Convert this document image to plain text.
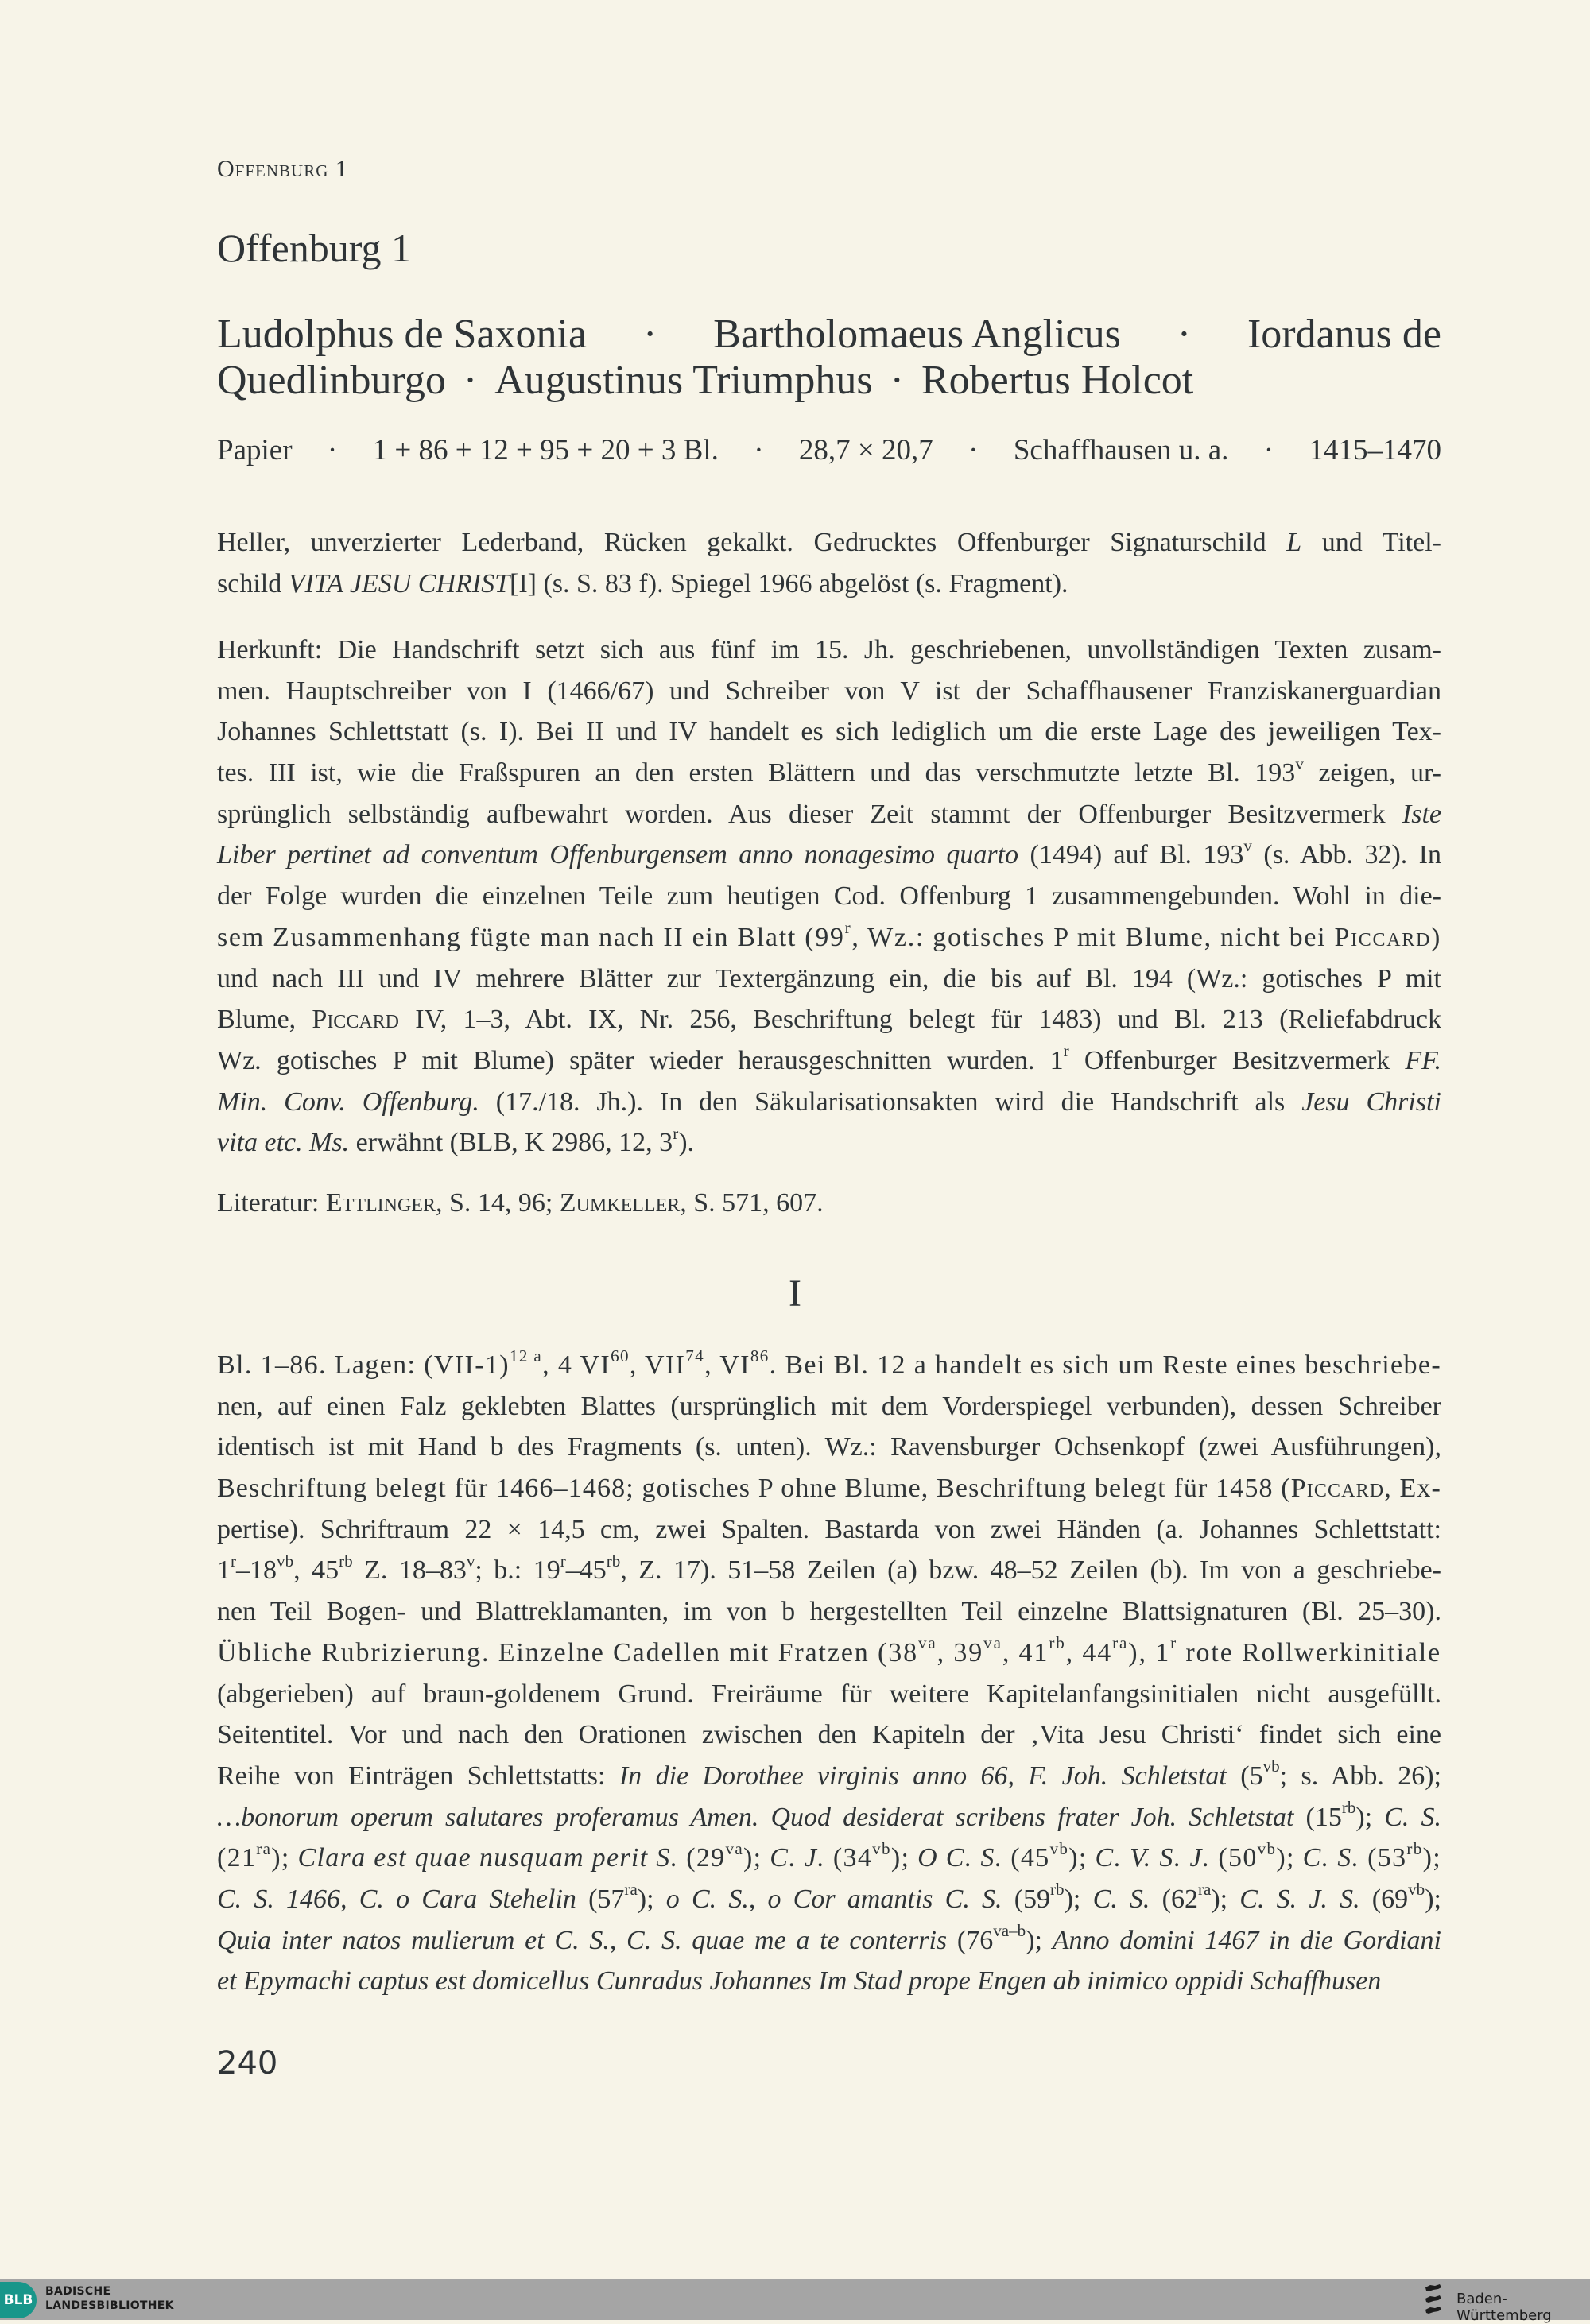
Offenburg 1
Offenburg 1
Ludolphus de Saxonia · Bartholomaeus Anglicus · Iordanus de
Quedlinburgo · Augustinus Triumphus · Robertus Holcot
Papier · 1 + 86 + 12 + 95 + 20 + 3 Bl. · 28,7 × 20,7 · Schaffhausen u. a. · 1415–1470
Heller, unverzierter Lederband, Rücken gekalkt. Gedrucktes Offenburger Signaturschild L und Titel-
schild VITA JESU CHRIST[I] (s. S. 83 f). Spiegel 1966 abgelöst (s. Fragment).
Herkunft: Die Handschrift setzt sich aus fünf im 15. Jh. geschriebenen, unvollständigen Texten zusam-
men. Hauptschreiber von I (1466/67) und Schreiber von V ist der Schaffhausener Franziskanerguardian
Johannes Schlettstatt (s. I). Bei II und IV handelt es sich lediglich um die erste Lage des jeweiligen Tex-
tes. III ist, wie die Fraßspuren an den ersten Blättern und das verschmutzte letzte Bl. 193$^v$ zeigen, ur-
sprünglich selbständig aufbewahrt worden. Aus dieser Zeit stammt der Offenburger Besitzvermerk Iste
Liber pertinet ad conventum Offenburgensem anno nonagesimo quarto (1494) auf Bl. 193$^v$ (s. Abb. 32). In
der Folge wurden die einzelnen Teile zum heutigen Cod. Offenburg 1 zusammengebunden. Wohl in die-
sem Zusammenhang fügte man nach II ein Blatt (99$^r$, Wz.: gotisches P mit Blume, nicht bei Piccard)
und nach III und IV mehrere Blätter zur Textergänzung ein, die bis auf Bl. 194 (Wz.: gotisches P mit
Blume, Piccard IV, 1–3, Abt. IX, Nr. 256, Beschriftung belegt für 1483) und Bl. 213 (Reliefabdruck
Wz. gotisches P mit Blume) später wieder herausgeschnitten wurden. 1$^r$ Offenburger Besitzvermerk FF.
Min. Conv. Offenburg. (17./18. Jh.). In den Säkularisationsakten wird die Handschrift als Jesu Christi
vita etc. Ms. erwähnt (BLB, K 2986, 12, 3$^r$).
Literatur: Ettlinger, S. 14, 96; Zumkeller, S. 571, 607.
I
Bl. 1–86. Lagen: $(VII-1)^{12 a}$, 4 VI$^{60}$, VII$^{74}$, VI$^{86}$. Bei Bl. 12 a handelt es sich um Reste eines beschriebe-
nen, auf einen Falz geklebten Blattes (ursprünglich mit dem Vorderspiegel verbunden), dessen Schreiber
identisch ist mit Hand b des Fragments (s. unten). Wz.: Ravensburger Ochsenkopf (zwei Ausführungen),
Beschriftung belegt für 1466–1468; gotisches P ohne Blume, Beschriftung belegt für 1458 (Piccard, Ex-
pertise). Schriftraum 22 × 14,5 cm, zwei Spalten. Bastarda von zwei Händen (a. Johannes Schlettstatt:
$1^r-18^{vb}$, $45^{rb}$ Z. 18–83$^v$; b.: $19^r-45^{rb}$, Z. 17). 51–58 Zeilen (a) bzw. 48–52 Zeilen (b). Im von a geschriebe-
nen Teil Bogen- und Blattreklamanten, im von b hergestellten Teil einzelne Blattsignaturen (Bl. 25–30).
Übliche Rubrizierung. Einzelne Cadellen mit Fratzen ($38^{va}$, $39^{va}$, $41^{rb}$, $44^{ra}$), 1$^r$ rote Rollwerkinitiale
(abgerieben) auf braun-goldenem Grund. Freiräume für weitere Kapitelanfangsinitialen nicht ausgefüllt.
Seitentitel. Vor und nach den Orationen zwischen den Kapiteln der ‚Vita Jesu Christi‘ findet sich eine
Reihe von Einträgen Schlettstatts: In die Dorothee virginis anno 66, F. Joh. Schletstat ($5^{vb}$; s. Abb. 26);
…bonorum operum salutares proferamus Amen. Quod desiderat scribens frater Joh. Schletstat $(15^{rb})$; C. S.
$(21^{ra})$; Clara est quae nusquam perit S. $(29^{va})$; C. J. $(34^{vb})$; O C. S. $(45^{vb})$; C. V. S. J. $(50^{vb})$; C. S. $(53^{rb})$;
C. S. 1466, C. o Cara Stehelin $(57^{ra})$; o C. S., o Cor amantis C. S. $(59^{rb})$; C. S. $(62^{ra})$; C. S. J. S. $(69^{vb})$;
Quia inter natos mulierum et C. S., C. S. quae me a te conterris $(76^{va-b})$; Anno domini 1467 in die Gordiani
et Epymachi captus est domicellus Cunradus Johannes Im Stad prope Engen ab inimico oppidi Schaffhusen
240
BLB
BADISCHE
LANDESBIBLIOTHEK	Baden-Württemberg
